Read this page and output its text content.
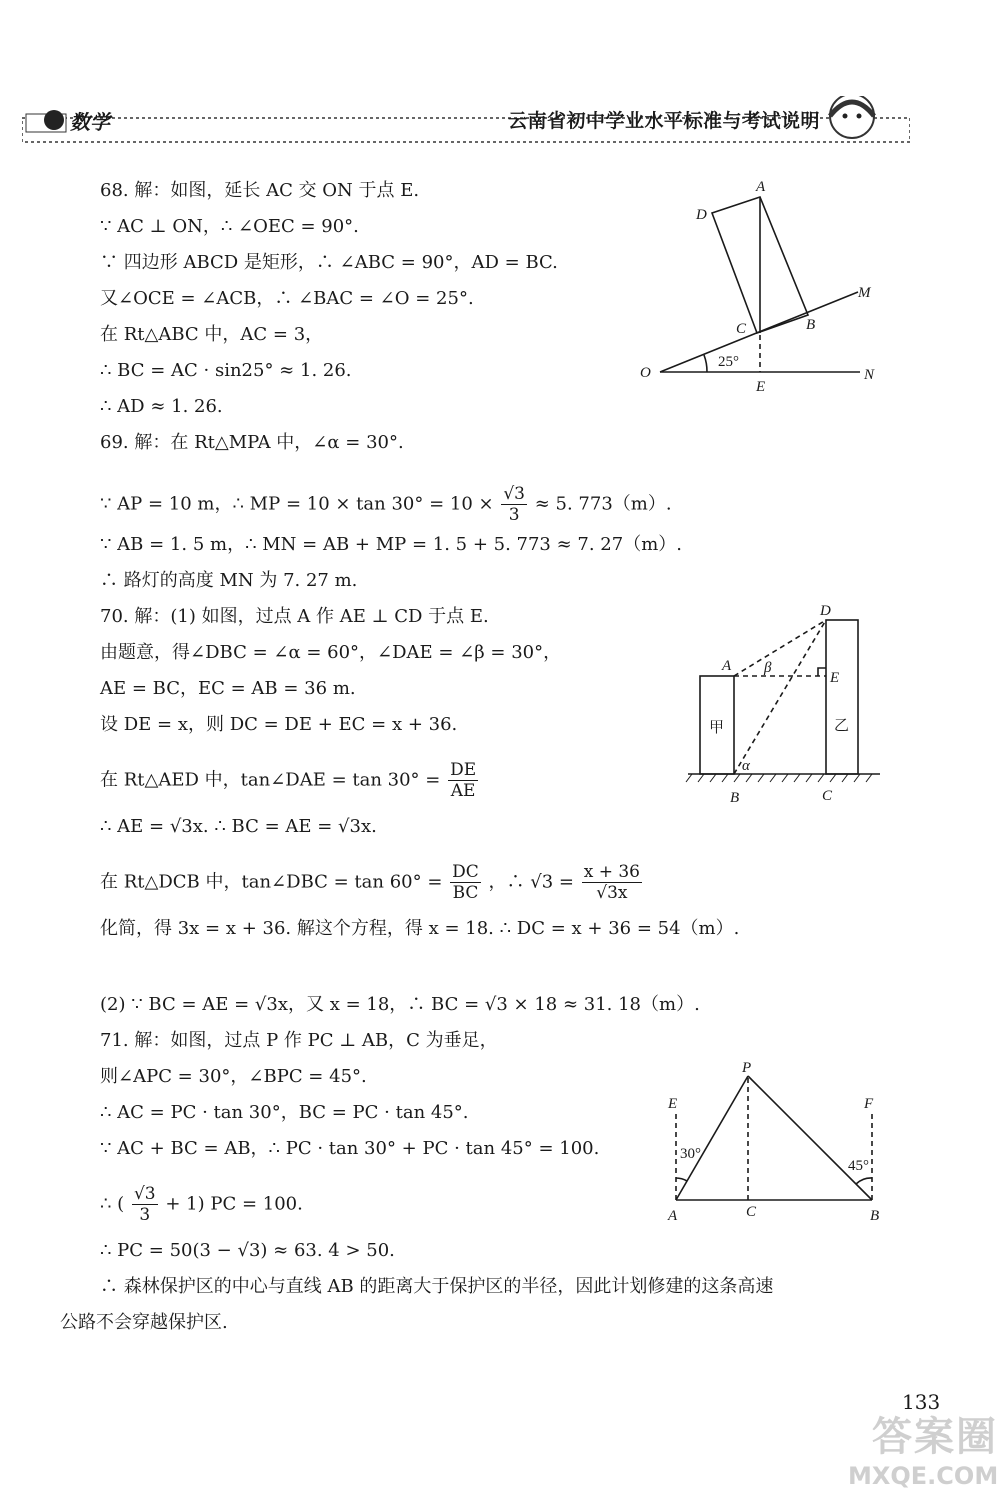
数学	云南省初中学业水平标准与考试说明
68. 解：如图，延长 AC 交 ON 于点 E.
∵ AC ⊥ ON，∴ ∠OEC = 90°.
∵ 四边形 ABCD 是矩形，∴ ∠ABC = 90°，AD = BC.
又∠OCE = ∠ACB，∴ ∠BAC = ∠O = 25°.
在 Rt△ABC 中，AC = 3，
∴ BC = AC · sin25° ≈ 1. 26.
∴ AD ≈ 1. 26.
69. 解：在 Rt△MPA 中，∠α = 30°.
∵ AP = 10 m，∴ MP = $10 \times \tan 30^\circ = 10 \times \frac{√3}{3} \approx 5$. 773（m）.
∵ AB = 1. 5 m，∴ MN = AB + MP = 1. 5 + 5. 773 ≈ 7. 27（m）.
∴ 路灯的高度 MN 为 7. 27 m.
70. 解：(1) 如图，过点 A 作 AE ⊥ CD 于点 E.
由题意，得∠DBC = ∠α = 60°，∠DAE = ∠β = 30°，
AE = BC，EC = AB = 36 m.
设 DE = x，则 DC = DE + EC = x + 36.
在 Rt△AED 中，tan∠DAE = $\tan 30^\circ = \frac{DE}{AE}$
∴ AE = √3x. ∴ BC = AE = √3x.
在 Rt△DCB 中，tan∠DBC = $\tan 60^\circ = \frac{DC}{BC}$ ，∴ $√3 = \frac{x + 36}{√3x}$
化简，得 3x = x + 36. 解这个方程，得 x = 18. ∴ DC = x + 36 = 54（m）.
(2) ∵ BC = AE = √3x，又 x = 18，∴ BC = √3 × 18 ≈ 31. 18（m）.
71. 解：如图，过点 P 作 PC ⊥ AB，C 为垂足，
则∠APC = 30°，∠BPC = 45°.
∴ AC = PC · tan 30°，BC = PC · tan 45°.
∵ AC + BC = AB，∴ PC · tan 30° + PC · tan 45° = 100.
∴ ( $\frac{√3}{3} + 1$) PC = 100.
∴ PC = 50(3 − √3) ≈ 63. 4 > 50.
∴ 森林保护区的中心与直线 AB 的距离大于保护区的半径，因此计划修建的这条高速
公路不会穿越保护区.
A
D
M
B
C
O	N
E
25°
D
A β
E
甲	乙
α
B	C
P
E	F
30°
45°
A	C	B
133
答案圈
MXQE.COM
